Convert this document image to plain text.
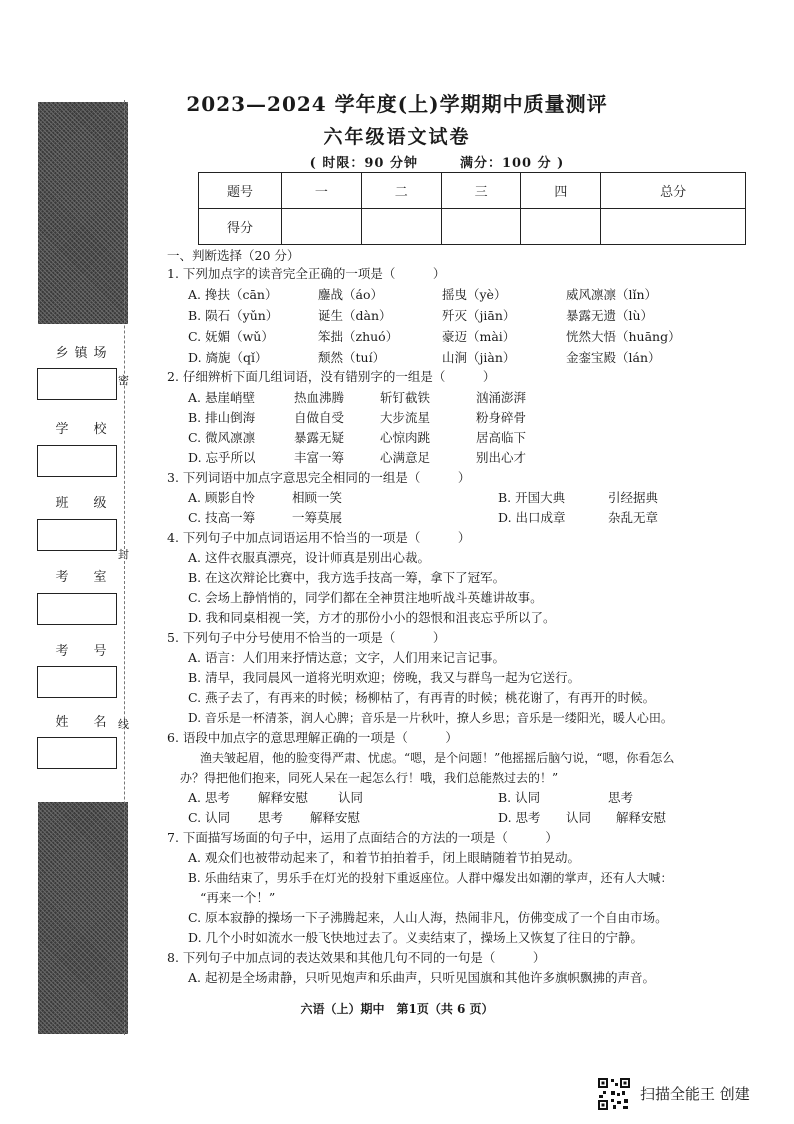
乡镇场
学　校
班　级
考　室
考　号
姓　名
密
封
线
2023—2024 学年度(上)学期期中质量测评
六年级语文试卷
( 时限：90 分钟　　　满分：100 分 )
题号	一	二	三	四	总分
得分					
一、判断选择（20 分）
1. 下列加点字的读音完全正确的一项是（　　　）
A. 搀扶（cān）	鏖战（áo）	摇曳（yè）	威风凛凛（lǐn）
B. 陨石（yǔn）	诞生（dàn）	歼灭（jiān）	暴露无遗（lù）
C. 妩媚（wǔ）	笨拙（zhuó）	豪迈（mài）	恍然大悟（huāng）
D. 旖旎（qǐ）	颓然（tuí）	山涧（jiàn）	金銮宝殿（lán）
2. 仔细辨析下面几组词语，没有错别字的一组是（　　　）
A. 悬崖峭壁	热血沸腾	斩钉截铁	汹涌澎湃
B. 排山倒海	自做自受	大步流星	粉身碎骨
C. 微风凛凛	暴露无疑	心惊肉跳	居高临下
D. 忘乎所以	丰富一筹	心满意足	别出心才
3. 下列词语中加点字意思完全相同的一组是（　　　）
A. 顾影自怜	相顾一笑	B. 开国大典	引经据典
C. 技高一筹	一筹莫展	D. 出口成章	杂乱无章
4. 下列句子中加点词语运用不恰当的一项是（　　　）
A. 这件衣服真漂亮，设计师真是别出心裁。
B. 在这次辩论比赛中，我方选手技高一筹，拿下了冠军。
C. 会场上静悄悄的，同学们都在全神贯注地听战斗英雄讲故事。
D. 我和同桌相视一笑，方才的那份小小的怨恨和沮丧忘乎所以了。
5. 下列句子中分号使用不恰当的一项是（　　　）
A. 语言：人们用来抒情达意；文字，人们用来记言记事。
B. 清早，我同晨风一道将光明欢迎；傍晚，我又与群鸟一起为它送行。
C. 燕子去了，有再来的时候；杨柳枯了，有再青的时候；桃花谢了，有再开的时候。
D. 音乐是一杯清茶，润人心脾；音乐是一片秋叶，撩人乡思；音乐是一缕阳光，暖人心田。
6. 语段中加点字的意思理解正确的一项是（　　　）
渔夫皱起眉，他的脸变得严肃、忧虑。“嗯，是个问题！”他摇摇后脑勺说，“嗯，你看怎么
办？得把他们抱来，同死人呆在一起怎么行！哦，我们总能熬过去的！”
A. 思考 解释安慰 认同	B. 认同	思考
C. 认同 思考 解释安慰	D. 思考 认同 解释安慰
7. 下面描写场面的句子中，运用了点面结合的方法的一项是（　　　）
A. 观众们也被带动起来了，和着节拍拍着手，闭上眼睛随着节拍晃动。
B. 乐曲结束了，男乐手在灯光的投射下重返座位。人群中爆发出如潮的掌声，还有人大喊：
“再来一个！”
C. 原本寂静的操场一下子沸腾起来，人山人海，热闹非凡，仿佛变成了一个自由市场。
D. 几个小时如流水一般飞快地过去了。义卖结束了，操场上又恢复了往日的宁静。
8. 下列句子中加点词的表达效果和其他几句不同的一句是（　　　）
A. 起初是全场肃静，只听见炮声和乐曲声，只听见国旗和其他许多旗帜飘拂的声音。
六语（上）期中　第1页（共 6 页）
扫描全能王 创建
